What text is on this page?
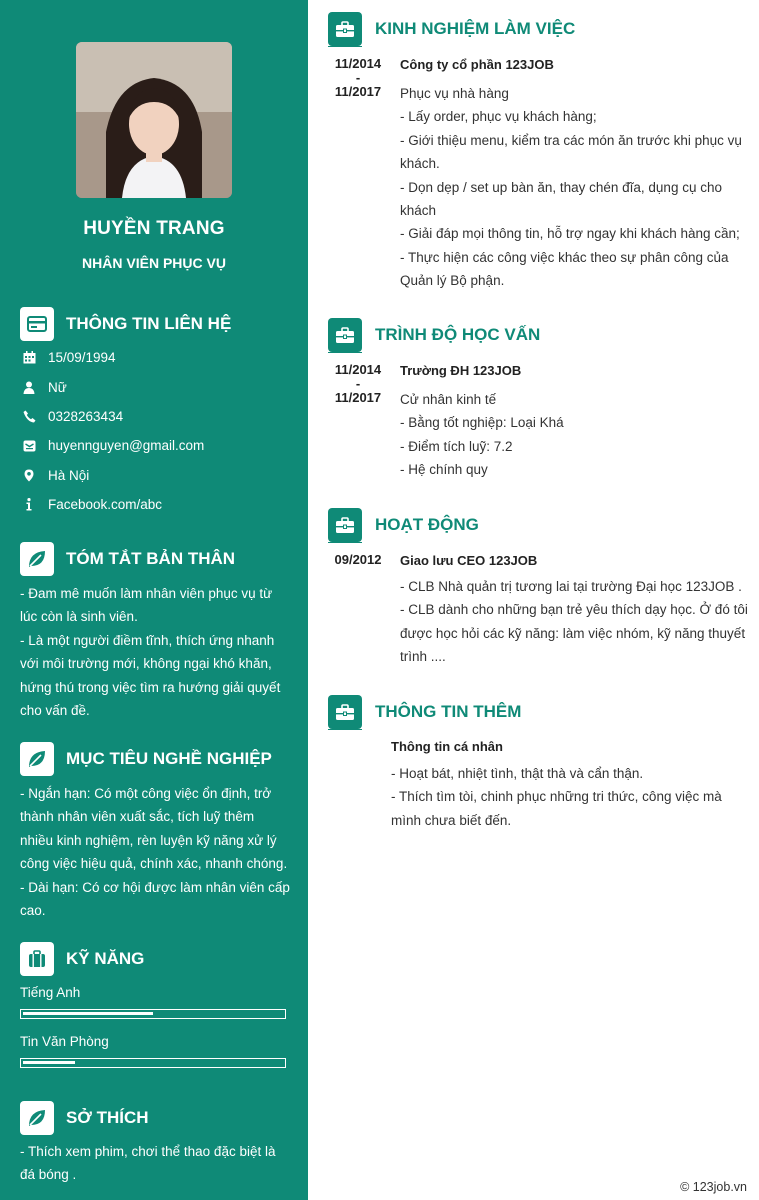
HUYỀN TRANG
NHÂN VIÊN PHỤC VỤ
THÔNG TIN LIÊN HỆ
15/09/1994
Nữ
0328263434
huyennguyen@gmail.com
Hà Nội
Facebook.com/abc
TÓM TẮT BẢN THÂN
- Đam mê muốn làm nhân viên phục vụ từ
lúc còn là sinh viên.
- Là một người điềm tĩnh, thích ứng nhanh
với môi trường mới, không ngại khó khăn,
hứng thú trong việc tìm ra hướng giải quyết
cho vấn đề.
MỤC TIÊU NGHỀ NGHIỆP
- Ngắn hạn: Có một công việc ổn định, trở
thành nhân viên xuất sắc, tích luỹ thêm
nhiều kinh nghiệm, rèn luyện kỹ năng xử lý
công việc hiệu quả, chính xác, nhanh chóng.
- Dài hạn: Có cơ hội được làm nhân viên cấp
cao.
KỸ NĂNG
Tiếng Anh
Tin Văn Phòng
SỞ THÍCH
- Thích xem phim, chơi thể thao đặc biệt là
đá bóng .
KINH NGHIỆM LÀM VIỆC
11/2014
-
11/2017
Công ty cổ phần 123JOB
Phục vụ nhà hàng
- Lấy order, phục vụ khách hàng;
- Giới thiệu menu, kiểm tra các món ăn trước khi phục vụ
khách.
- Dọn dẹp / set up bàn ăn, thay chén đĩa, dụng cụ cho
khách
- Giải đáp mọi thông tin, hỗ trợ ngay khi khách hàng cần;
- Thực hiện các công việc khác theo sự phân công của
Quản lý Bộ phận.
TRÌNH ĐỘ HỌC VẤN
11/2014
-
11/2017
Trường ĐH 123JOB
Cử nhân kinh tế
- Bằng tốt nghiệp: Loại Khá
- Điểm tích luỹ: 7.2
- Hệ chính quy
HOẠT ĐỘNG
09/2012	Giao lưu CEO 123JOB
- CLB Nhà quản trị tương lai tại trường Đại học 123JOB .
- CLB dành cho những bạn trẻ yêu thích dạy học. Ở đó tôi
được học hỏi các kỹ năng: làm việc nhóm, kỹ năng thuyết
trình ....
THÔNG TIN THÊM
Thông tin cá nhân
- Hoạt bát, nhiệt tình, thật thà và cẩn thận.
- Thích tìm tòi, chinh phục những tri thức, công việc mà
mình chưa biết đến.
© 123job.vn
